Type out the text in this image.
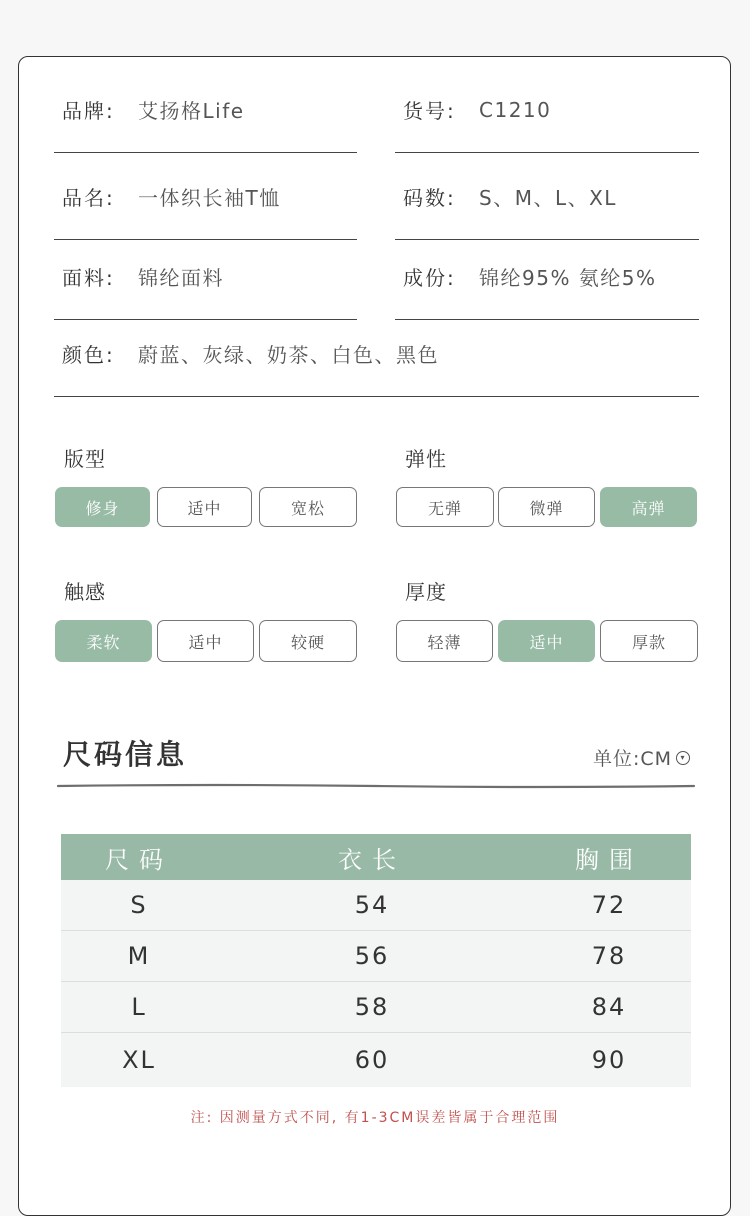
品牌:	艾扬格Life	货号:	C1210
品名:	一体织长袖T恤	码数:	S、M、L、XL
面料:	锦纶面料	成份:	锦纶95% 氨纶5%
颜色:	蔚蓝、灰绿、奶茶、白色、黑色
版型
修身	适中	宽松
弹性
无弹	微弹	高弹
触感
柔软	适中	较硬
厚度
轻薄	适中	厚款
尺码信息	单位:CM	▾
尺码	衣长	胸围
S	54	72
M	56	78
L	58	84
XL	60	90
注: 因测量方式不同, 有1-3CM误差皆属于合理范围
